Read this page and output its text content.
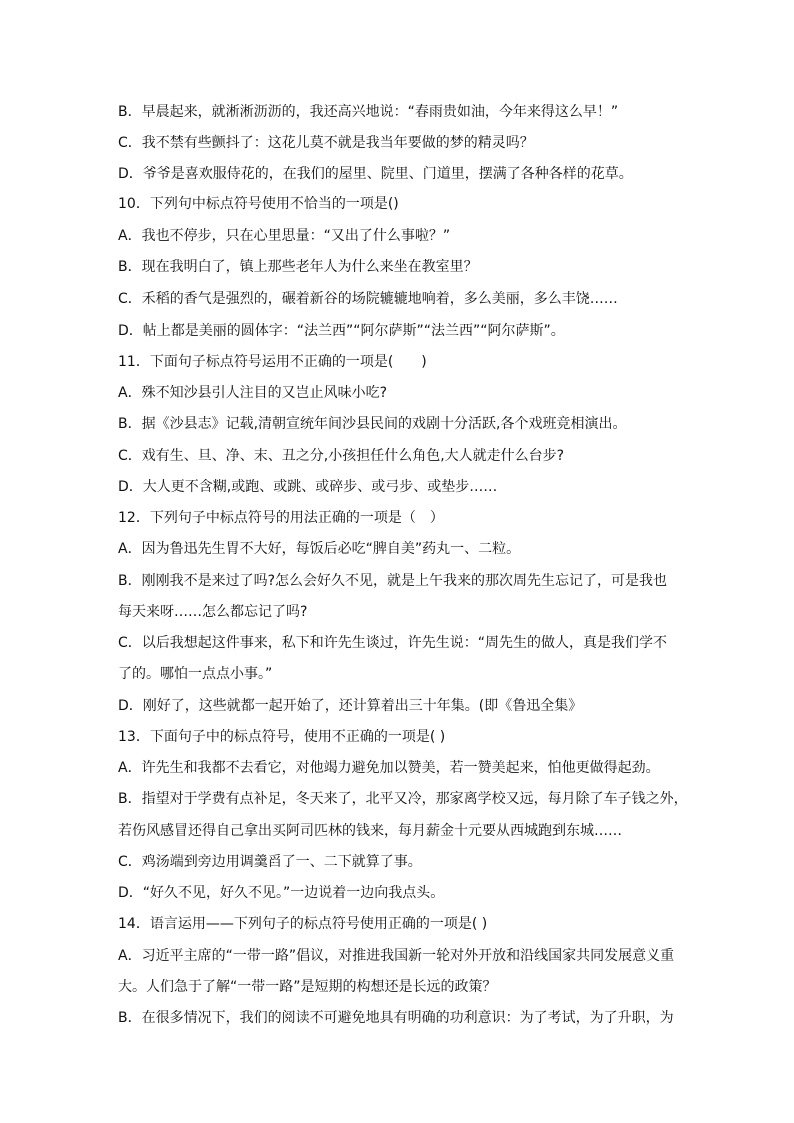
B．早晨起来，就淅淅沥沥的，我还高兴地说：“春雨贵如油，今年来得这么早！”
C．我不禁有些颤抖了：这花儿莫不就是我当年要做的梦的精灵吗？
D．爷爷是喜欢服侍花的，在我们的屋里、院里、门道里，摆满了各种各样的花草。
10．下列句中标点符号使用不恰当的一项是()
A．我也不停步，只在心里思量：“又出了什么事啦？”
B．现在我明白了，镇上那些老年人为什么来坐在教室里？
C．禾稻的香气是强烈的，碾着新谷的场院辘辘地响着，多么美丽，多么丰饶……
D．帖上都是美丽的圆体字：“法兰西”“阿尔萨斯”“法兰西”“阿尔萨斯”。
11．下面句子标点符号运用不正确的一项是(　　)
A．殊不知沙县引人注目的又岂止风味小吃?
B．据《沙县志》记载,清朝宣统年间沙县民间的戏剧十分活跃,各个戏班竞相演出。
C．戏有生、旦、净、末、丑之分,小孩担任什么角色,大人就走什么台步?
D．大人更不含糊,或跑、或跳、或碎步、或弓步、或垫步……
12．下列句子中标点符号的用法正确的一项是（　）
A．因为鲁迅先生胃不大好，每饭后必吃“脾自美”药丸一、二粒。
B．刚刚我不是来过了吗?怎么会好久不见，就是上午我来的那次周先生忘记了，可是我也
每天来呀……怎么都忘记了吗?
C．以后我想起这件事来，私下和许先生谈过，许先生说：“周先生的做人，真是我们学不
了的。哪怕一点点小事。”
D．刚好了，这些就都一起开始了，还计算着出三十年集。(即《鲁迅全集》
13．下面句子中的标点符号，使用不正确的一项是( )
A．许先生和我都不去看它，对他竭力避免加以赞美，若一赞美起来，怕他更做得起劲。
B．指望对于学费有点补足，冬天来了，北平又冷，那家离学校又远，每月除了车子钱之外，
若伤风感冒还得自己拿出买阿司匹林的钱来，每月薪金十元要从西城跑到东城……
C．鸡汤端到旁边用调羹舀了一、二下就算了事。
D．“好久不见，好久不见。”一边说着一边向我点头。
14．语言运用——下列句子的标点符号使用正确的一项是( )
A．习近平主席的“一带一路”倡议，对推进我国新一轮对外开放和沿线国家共同发展意义重
大。人们急于了解“一带一路”是短期的构想还是长远的政策？
B．在很多情况下，我们的阅读不可避免地具有明确的功利意识：为了考试，为了升职，为
